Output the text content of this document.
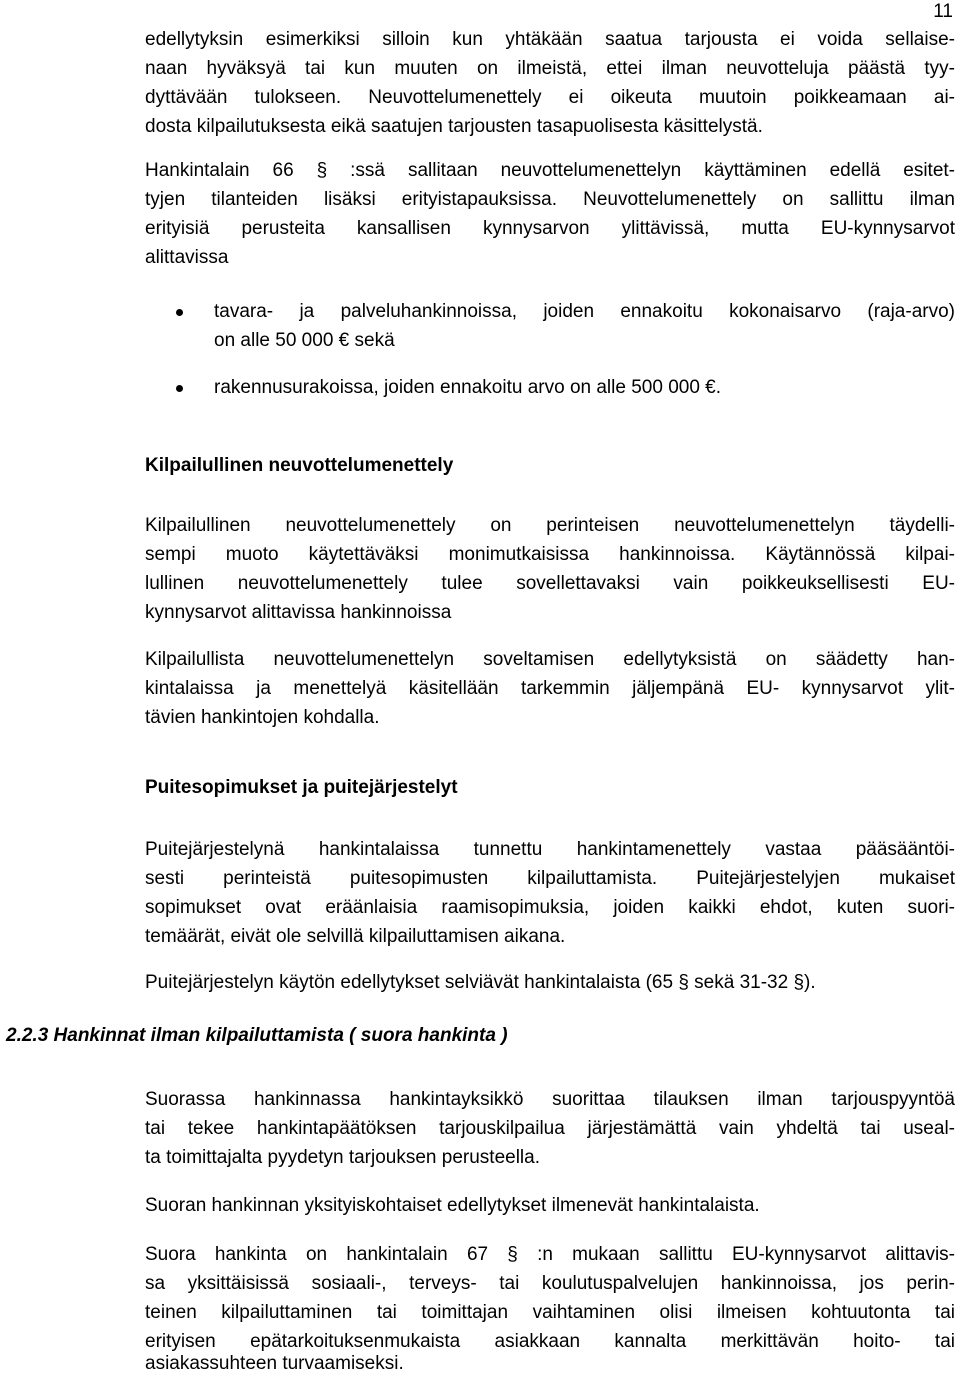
11
edellytyksin esimerkiksi silloin kun yhtäkään saatua tarjousta ei voida sellaise-
naan hyväksyä tai kun muuten on ilmeistä, ettei ilman neuvotteluja päästä tyy-
dyttävään tulokseen. Neuvottelumenettely ei oikeuta muutoin poikkeamaan ai-
dosta kilpailutuksesta eikä saatujen tarjousten tasapuolisesta käsittelystä.
Hankintalain 66 § :ssä sallitaan neuvottelumenettelyn käyttäminen edellä esitet-
tyjen tilanteiden lisäksi erityistapauksissa. Neuvottelumenettely on sallittu ilman
erityisiä perusteita kansallisen kynnysarvon ylittävissä, mutta EU-kynnysarvot
alittavissa
tavara- ja palveluhankinnoissa, joiden ennakoitu kokonaisarvo (raja-arvo)
on alle 50 000 € sekä
rakennusurakoissa, joiden ennakoitu arvo on alle 500 000 €.
Kilpailullinen neuvottelumenettely
Kilpailullinen neuvottelumenettely on perinteisen neuvottelumenettelyn täydelli-
sempi muoto käytettäväksi monimutkaisissa hankinnoissa. Käytännössä kilpai-
lullinen neuvottelumenettely tulee sovellettavaksi vain poikkeuksellisesti EU-
kynnysarvot alittavissa hankinnoissa
Kilpailullista neuvottelumenettelyn soveltamisen edellytyksistä on säädetty han-
kintalaissa ja menettelyä käsitellään tarkemmin jäljempänä EU- kynnysarvot ylit-
tävien hankintojen kohdalla.
Puitesopimukset ja puitejärjestelyt
Puitejärjestelynä hankintalaissa tunnettu hankintamenettely vastaa pääsääntöi-
sesti perinteistä puitesopimusten kilpailuttamista. Puitejärjestelyjen mukaiset
sopimukset ovat eräänlaisia raamisopimuksia, joiden kaikki ehdot, kuten suori-
temäärät, eivät ole selvillä kilpailuttamisen aikana.
Puitejärjestelyn käytön edellytykset selviävät hankintalaista (65 § sekä 31-32 §).
2.2.3 Hankinnat ilman kilpailuttamista ( suora hankinta )
Suorassa hankinnassa hankintayksikkö suorittaa tilauksen ilman tarjouspyyntöä
tai tekee hankintapäätöksen tarjouskilpailua järjestämättä vain yhdeltä tai useal-
ta toimittajalta pyydetyn tarjouksen perusteella.
Suoran hankinnan yksityiskohtaiset edellytykset ilmenevät hankintalaista.
Suora hankinta on hankintalain 67 § :n mukaan sallittu EU-kynnysarvot alittavis-
sa yksittäisissä sosiaali-, terveys- tai koulutuspalvelujen hankinnoissa, jos perin-
teinen kilpailuttaminen tai toimittajan vaihtaminen olisi ilmeisen kohtuutonta tai
erityisen epätarkoituksenmukaista asiakkaan kannalta merkittävän hoito- tai
asiakassuhteen turvaamiseksi.
